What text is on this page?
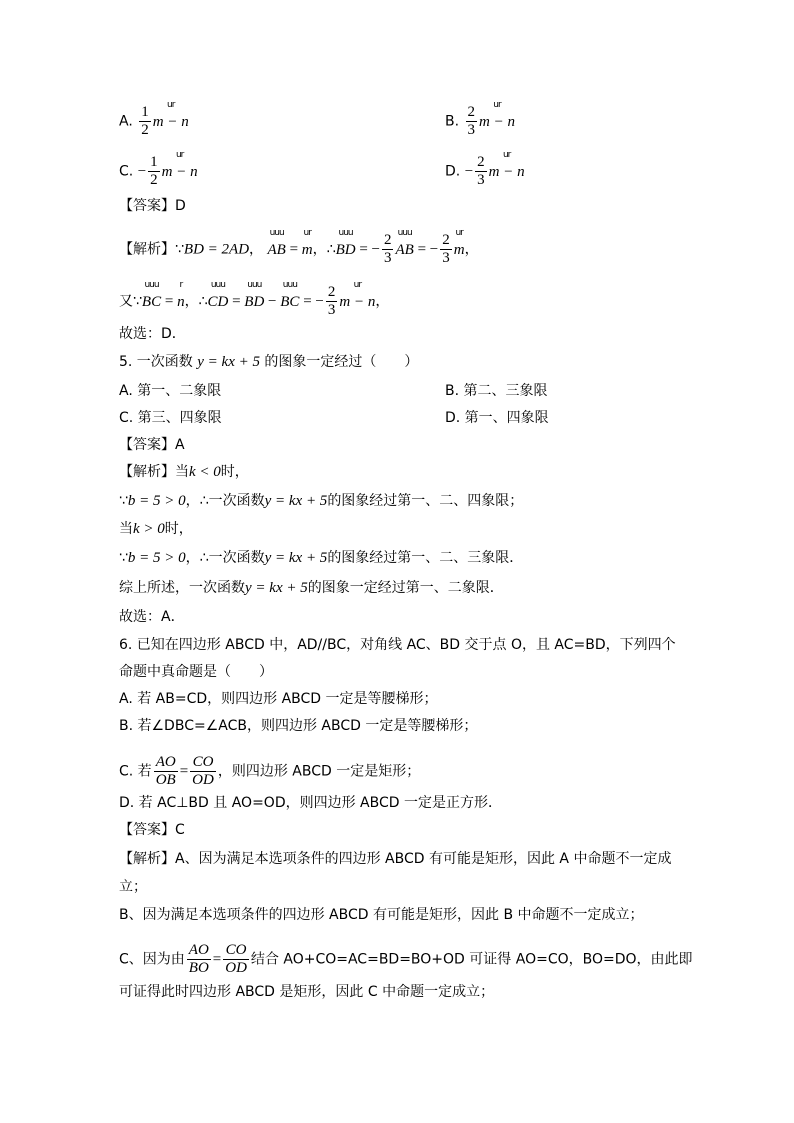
A. $\frac{1}{2}$ ur
m − n	B. $\frac{2}{3}$ ur
m − n
C. − $\frac{1}{2}$ ur
m − n	D. − $\frac{2}{3}$ ur
m − n
【答案】D
【解析】∵BD = 2AD，
uuu
AB =
ur
m，∴
uuu
BD = − $\frac{2}{3}$ uuu
AB = − $\frac{2}{3}$ ur
m，
又∵
uuu
BC =
r
n，∴
uuu
CD =
uuu
BD −
uuu
BC = − $\frac{2}{3}$ ur
m − n，
故选：D．
5. 一次函数 y = kx + 5 的图象一定经过（　　）
A. 第一、二象限	B. 第二、三象限
C. 第三、四象限	D. 第一、四象限
【答案】A
【解析】当k < 0时，
∵b = 5 > 0，∴一次函数y = kx + 5的图象经过第一、二、四象限；
当k > 0时，
∵b = 5 > 0，∴一次函数y = kx + 5的图象经过第一、二、三象限．
综上所述，一次函数y = kx + 5的图象一定经过第一、二象限．
故选：A．
6. 已知在四边形 ABCD 中，AD//BC，对角线 AC、BD 交于点 O，且 AC=BD，下列四个
命题中真命题是（　　）
A. 若 AB=CD，则四边形 ABCD 一定是等腰梯形；
B. 若∠DBC=∠ACB，则四边形 ABCD 一定是等腰梯形；
C. 若 $\frac{AO}{OB} = \frac{CO}{OD}$ ，则四边形 ABCD 一定是矩形；
D. 若 AC⊥BD 且 AO=OD，则四边形 ABCD 一定是正方形．
【答案】C
【解析】A、因为满足本选项条件的四边形 ABCD 有可能是矩形，因此 A 中命题不一定成
立；
B、因为满足本选项条件的四边形 ABCD 有可能是矩形，因此 B 中命题不一定成立；
C、因为由 $\frac{AO}{BO} = \frac{CO}{OD}$ 结合 AO+CO=AC=BD=BO+OD 可证得 AO=CO，BO=DO，由此即
可证得此时四边形 ABCD 是矩形，因此 C 中命题一定成立；
